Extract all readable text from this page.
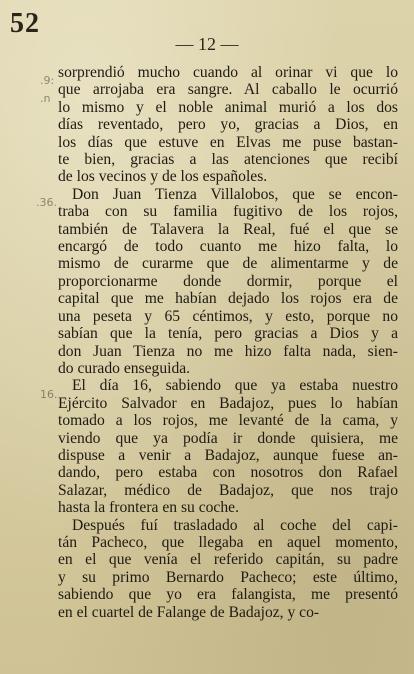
52
— 12 —
.9:
.n
.36.
16.
sorprendió mucho cuando al orinar vi que lo
que arrojaba era sangre. Al caballo le ocurrió
lo mismo y el noble animal murió a los dos
días reventado, pero yo, gracias a Dios, en
los días que estuve en Elvas me puse bastan-
te bien, gracias a las atenciones que recibí
de los vecinos y de los españoles.
Don Juan Tienza Villalobos, que se encon-
traba con su familia fugitivo de los rojos,
también de Talavera la Real, fué el que se
encargó de todo cuanto me hizo falta, lo
mismo de curarme que de alimentarme y de
proporcionarme donde dormir, porque el
capital que me habían dejado los rojos era de
una peseta y 65 céntimos, y esto, porque no
sabían que la tenía, pero gracias a Dios y a
don Juan Tienza no me hizo falta nada, sien-
do curado enseguida.
El día 16, sabiendo que ya estaba nuestro
Ejército Salvador en Badajoz, pues lo habían
tomado a los rojos, me levanté de la cama, y
viendo que ya podía ir donde quisiera, me
dispuse a venir a Badajoz, aunque fuese an-
dando, pero estaba con nosotros don Rafael
Salazar, médico de Badajoz, que nos trajo
hasta la frontera en su coche.
Después fuí trasladado al coche del capi-
tán Pacheco, que llegaba en aquel momento,
en el que venía el referido capitán, su padre
y su primo Bernardo Pacheco; este último,
sabiendo que yo era falangista, me presentó
en el cuartel de Falange de Badajoz, y co-
